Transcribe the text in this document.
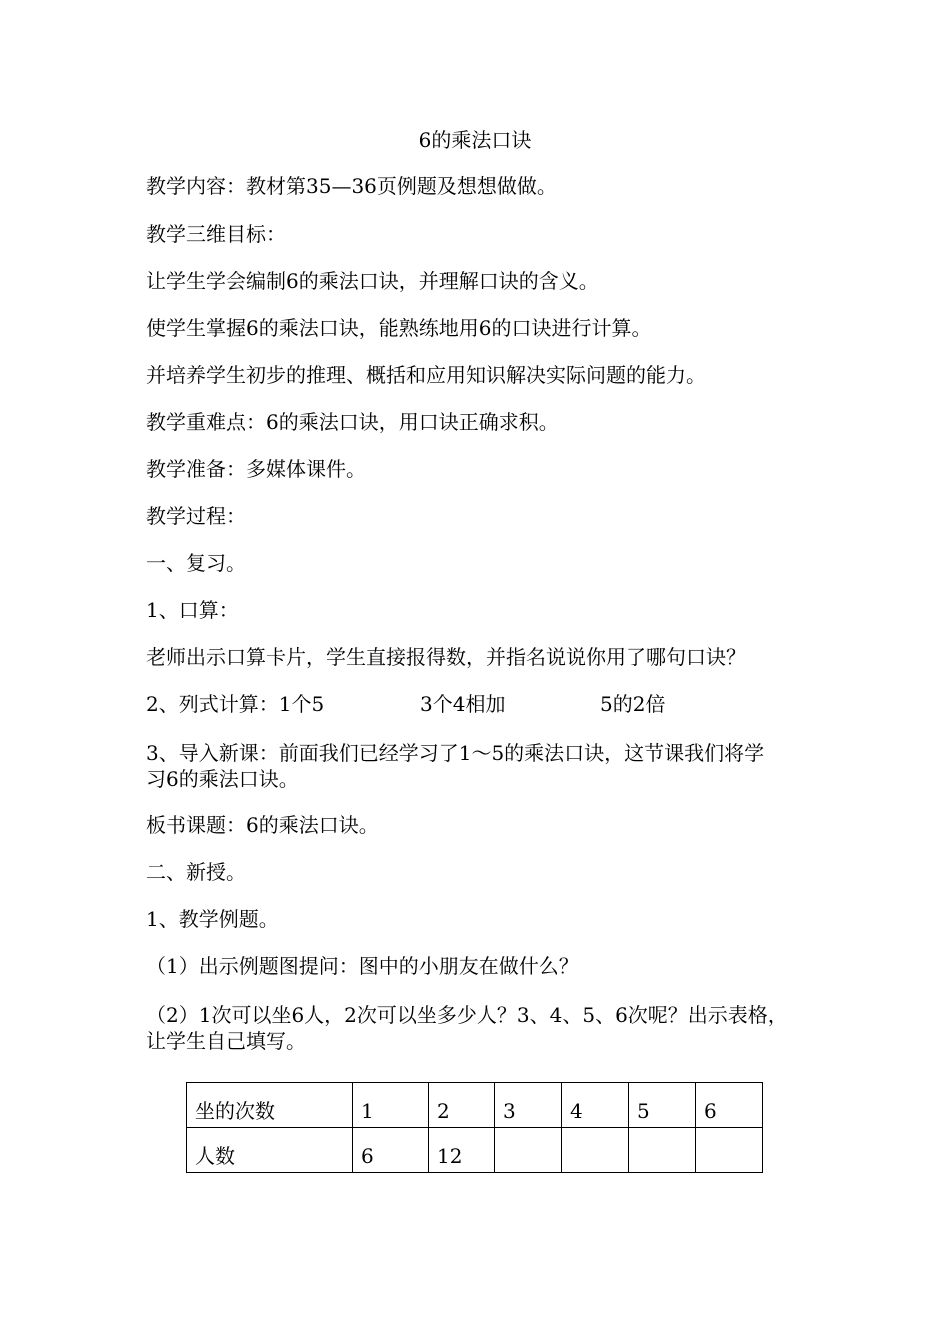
6的乘法口诀
教学内容：教材第35—36页例题及想想做做。
教学三维目标：
让学生学会编制6的乘法口诀，并理解口诀的含义。
使学生掌握6的乘法口诀，能熟练地用6的口诀进行计算。
并培养学生初步的推理、概括和应用知识解决实际问题的能力。
教学重难点：6的乘法口诀，用口诀正确求积。
教学准备：多媒体课件。
教学过程：
一、复习。
1、口算：
老师出示口算卡片，学生直接报得数，并指名说说你用了哪句口诀？
2、列式计算：1个5	3个4相加	5的2倍
3、导入新课：前面我们已经学习了1～5的乘法口诀，这节课我们将学
习6的乘法口诀。
板书课题：6的乘法口诀。
二、新授。
1、教学例题。
（1）出示例题图提问：图中的小朋友在做什么？
（2）1次可以坐6人，2次可以坐多少人？3、4、5、6次呢？出示表格，
让学生自己填写。
坐的次数	1	2	3	4	5	6

人数	6	12				
